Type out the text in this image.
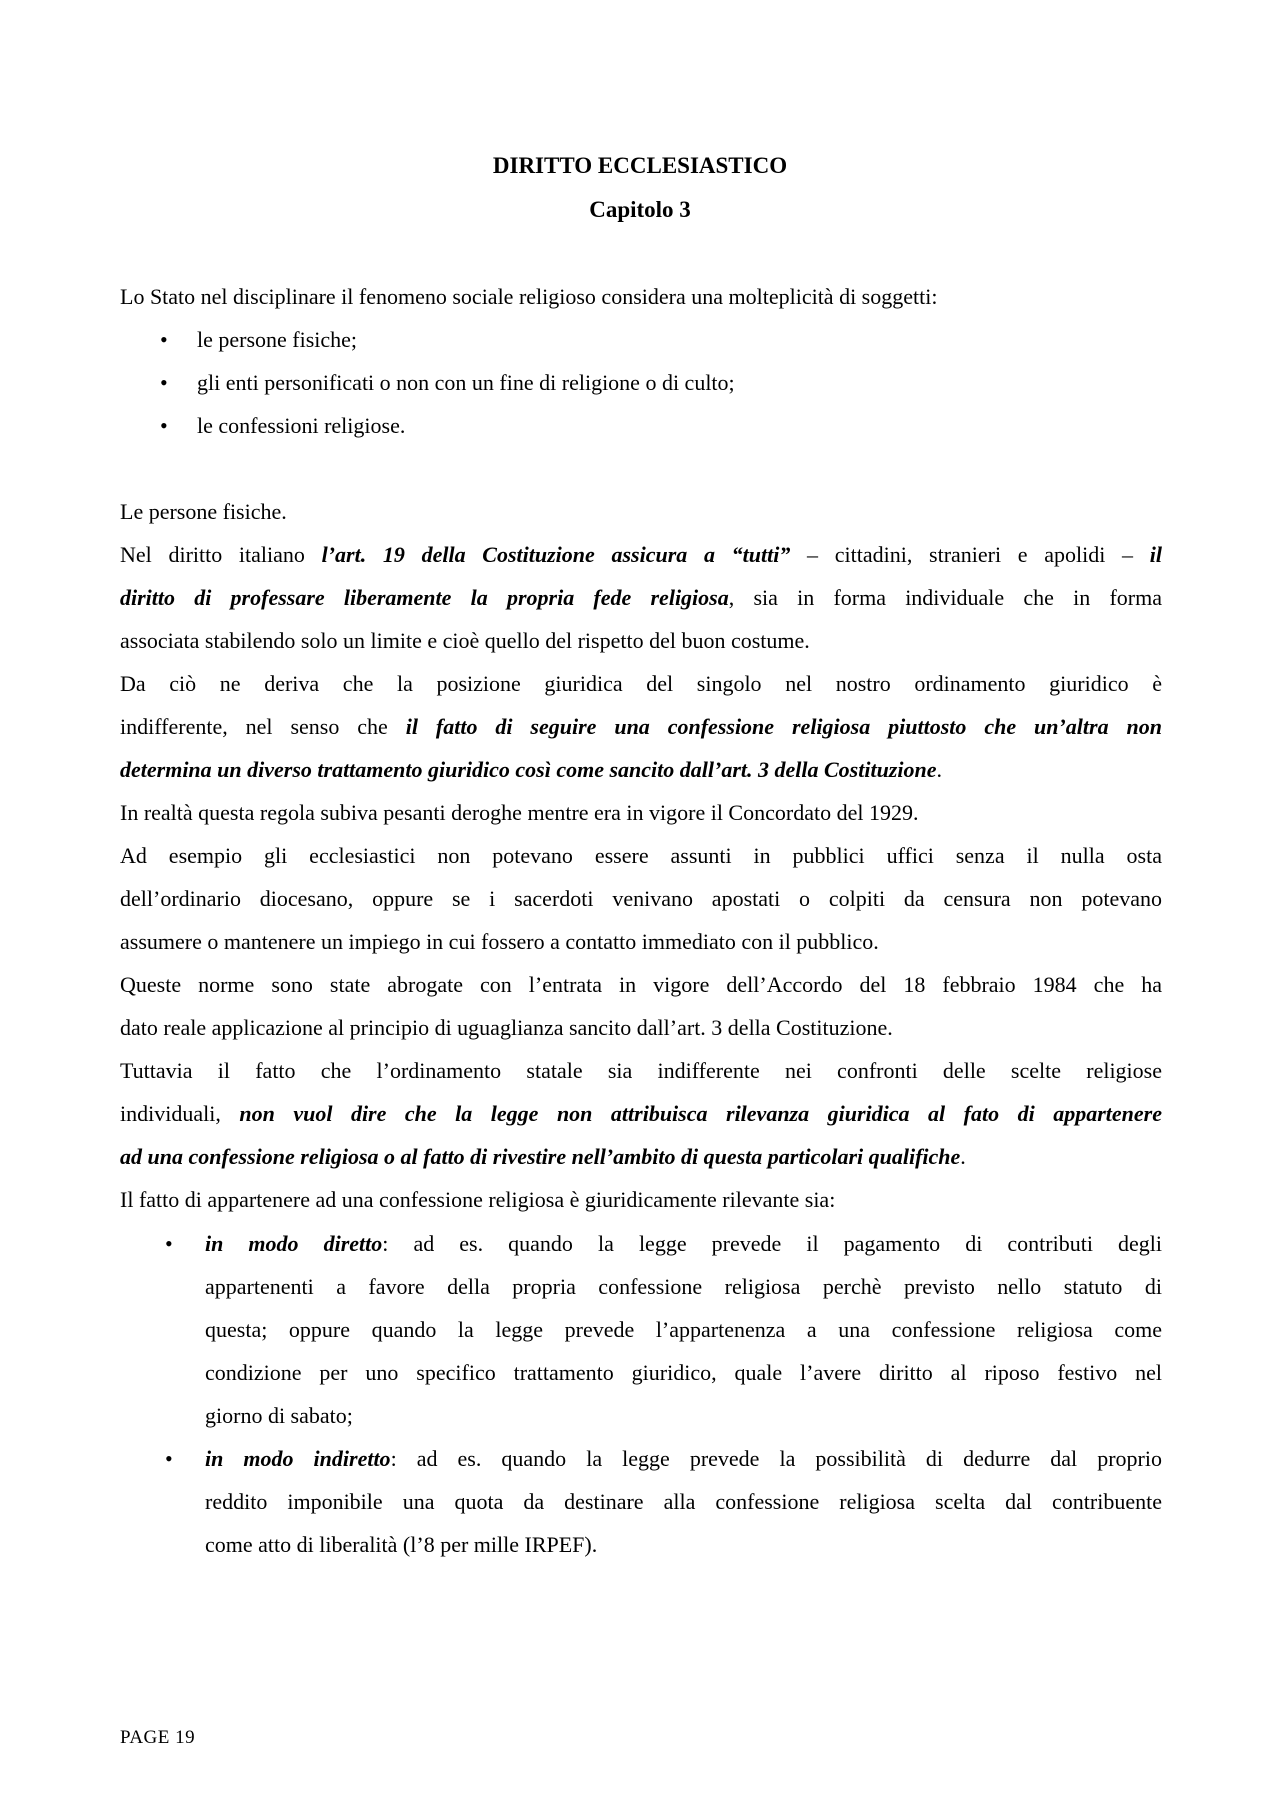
DIRITTO ECCLESIASTICO
Capitolo 3
Lo Stato nel disciplinare il fenomeno sociale religioso considera una molteplicità di soggetti:
• le persone fisiche;
• gli enti personificati o non con un fine di religione o di culto;
• le confessioni religiose.
Le persone fisiche.
Nel diritto italiano l’art. 19 della Costituzione assicura a “tutti” – cittadini, stranieri e apolidi – il
diritto di professare liberamente la propria fede religiosa, sia in forma individuale che in forma
associata stabilendo solo un limite e cioè quello del rispetto del buon costume.
Da ciò ne deriva che la posizione giuridica del singolo nel nostro ordinamento giuridico è
indifferente, nel senso che il fatto di seguire una confessione religiosa piuttosto che un’altra non
determina un diverso trattamento giuridico così come sancito dall’art. 3 della Costituzione.
In realtà questa regola subiva pesanti deroghe mentre era in vigore il Concordato del 1929.
Ad esempio gli ecclesiastici non potevano essere assunti in pubblici uffici senza il nulla osta
dell’ordinario diocesano, oppure se i sacerdoti venivano apostati o colpiti da censura non potevano
assumere o mantenere un impiego in cui fossero a contatto immediato con il pubblico.
Queste norme sono state abrogate con l’entrata in vigore dell’Accordo del 18 febbraio 1984 che ha
dato reale applicazione al principio di uguaglianza sancito dall’art. 3 della Costituzione.
Tuttavia il fatto che l’ordinamento statale sia indifferente nei confronti delle scelte religiose
individuali, non vuol dire che la legge non attribuisca rilevanza giuridica al fato di appartenere
ad una confessione religiosa o al fatto di rivestire nell’ambito di questa particolari qualifiche.
Il fatto di appartenere ad una confessione religiosa è giuridicamente rilevante sia:
• in modo diretto: ad es. quando la legge prevede il pagamento di contributi degli
appartenenti a favore della propria confessione religiosa perchè previsto nello statuto di
questa; oppure quando la legge prevede l’appartenenza a una confessione religiosa come
condizione per uno specifico trattamento giuridico, quale l’avere diritto al riposo festivo nel
giorno di sabato;
• in modo indiretto: ad es. quando la legge prevede la possibilità di dedurre dal proprio
reddito imponibile una quota da destinare alla confessione religiosa scelta dal contribuente
come atto di liberalità (l’8 per mille IRPEF).
PAGE 19
